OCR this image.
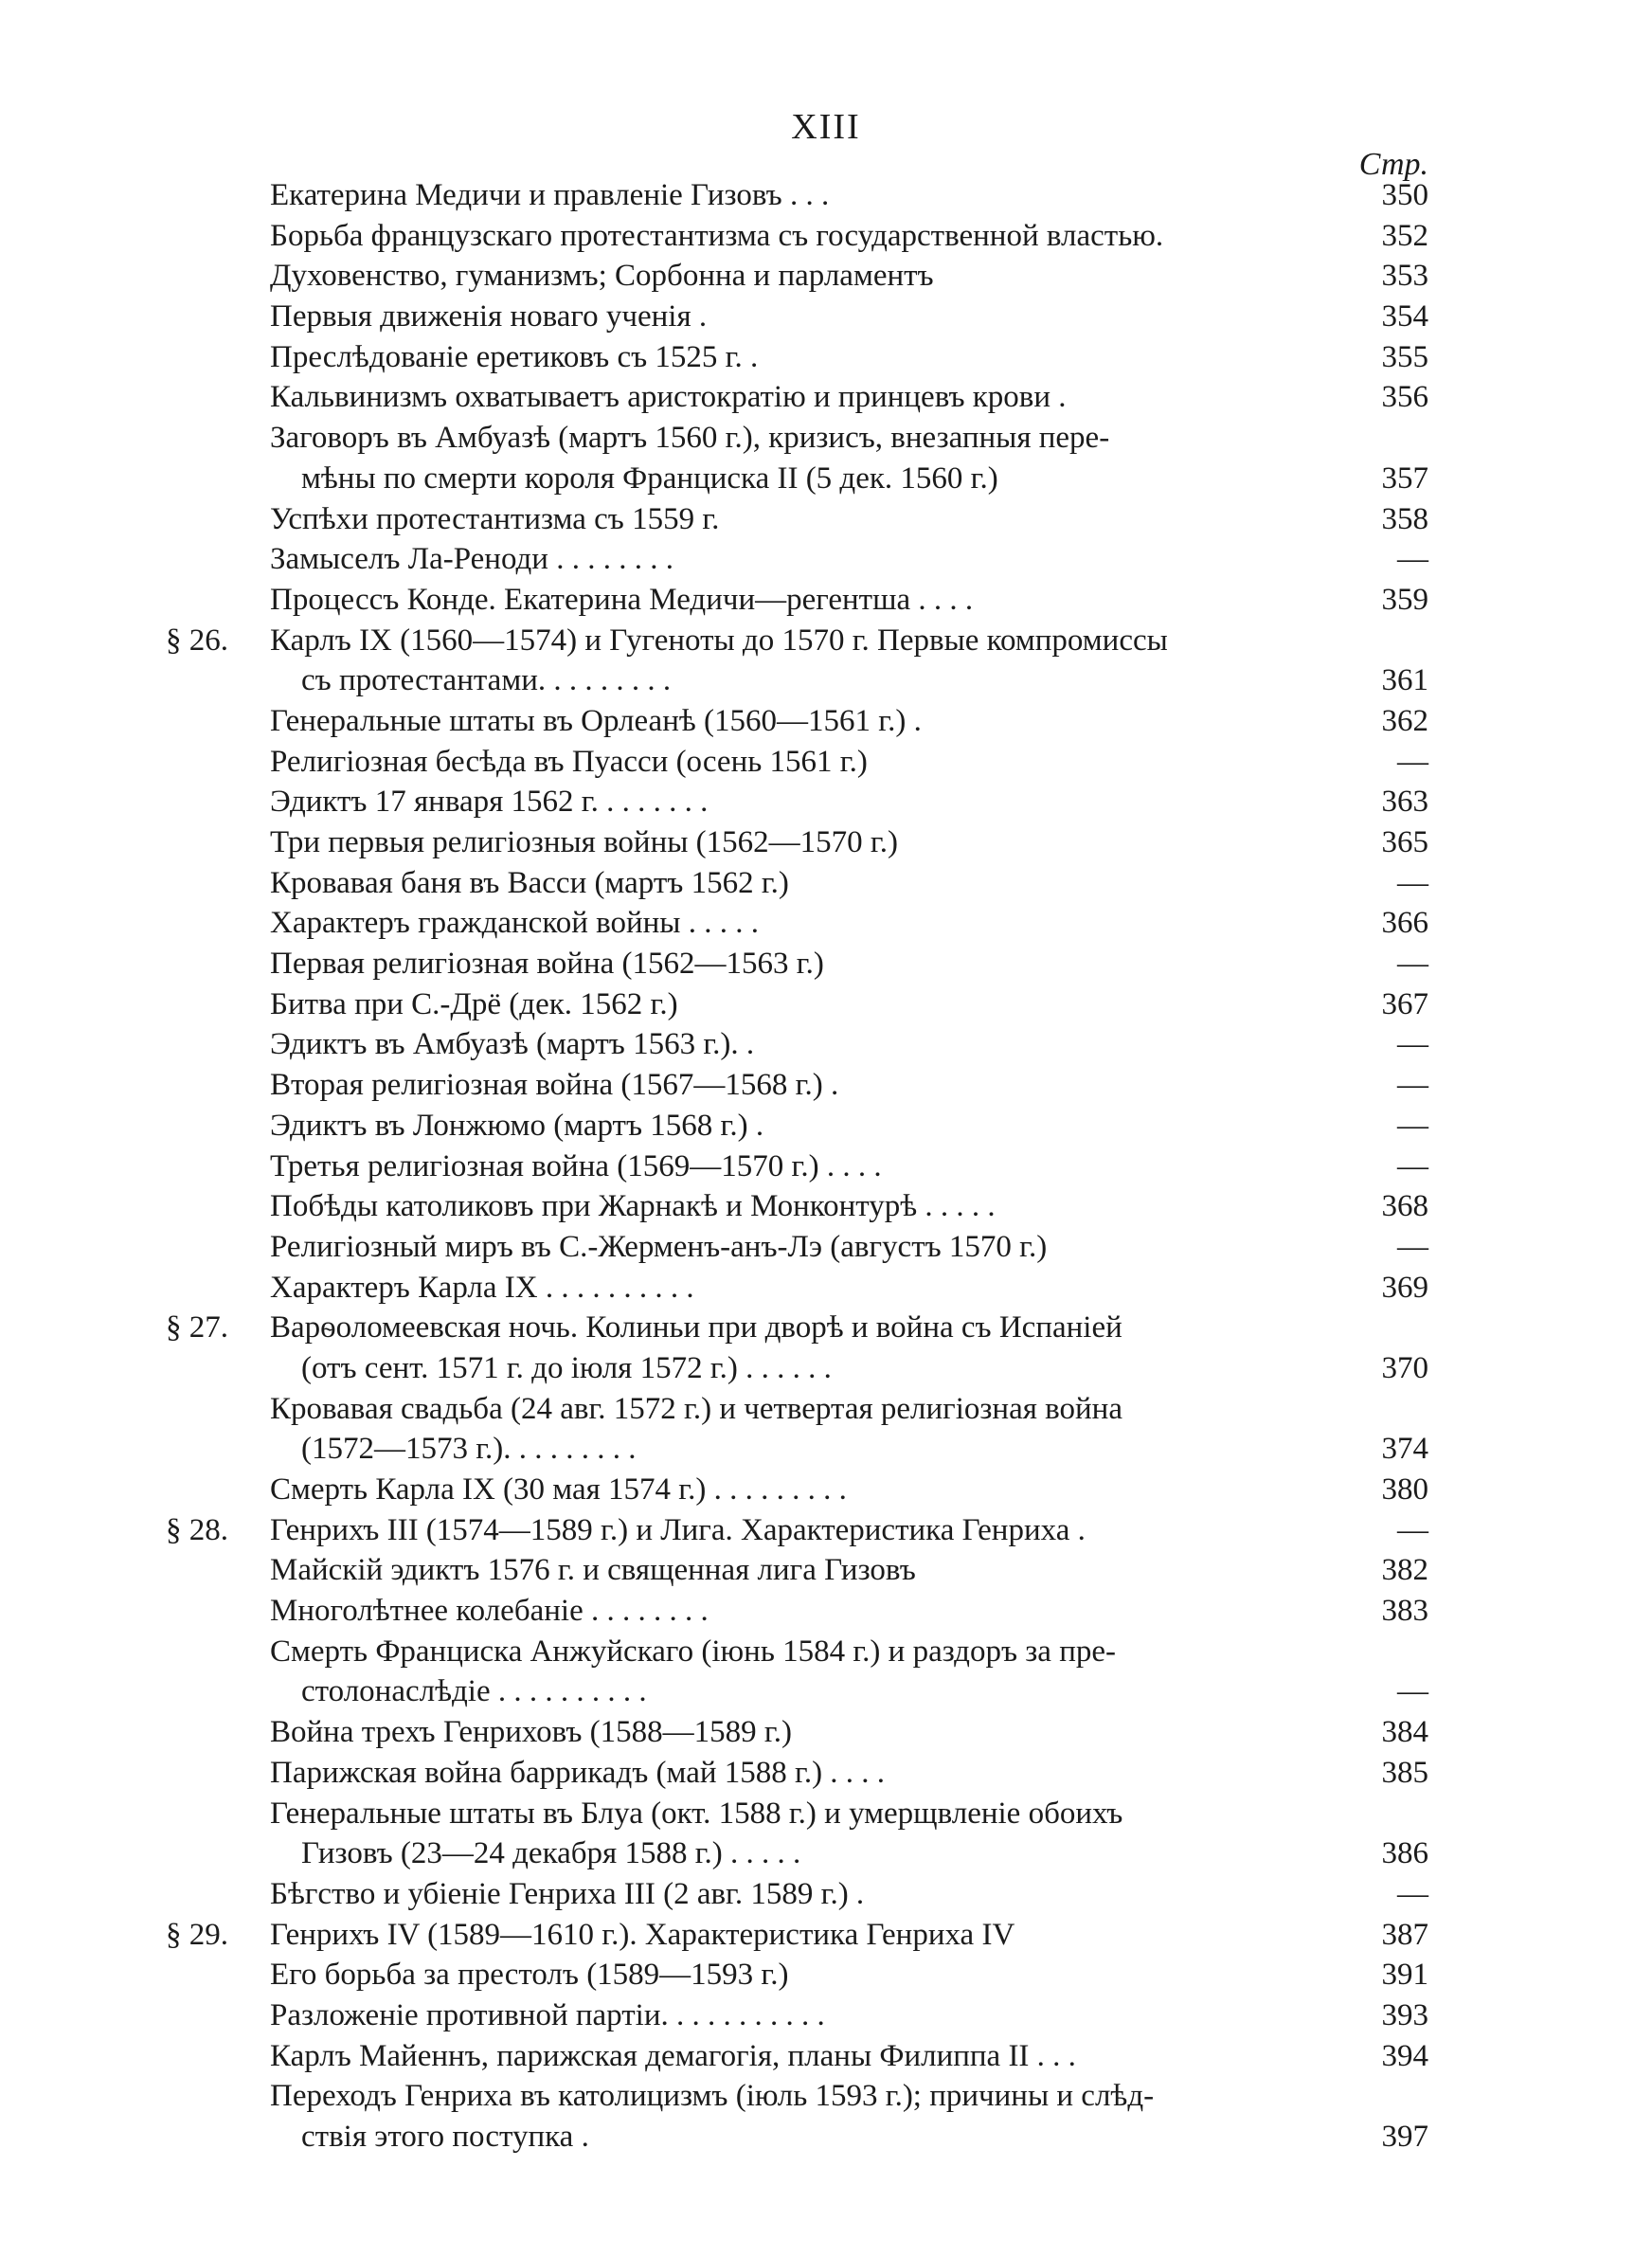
XIII
Стр.
Екатерина Медичи и правленіе Гизовъ . . .	350
Борьба французскаго протестантизма съ государственной властью.	352
Духовенство, гуманизмъ; Сорбонна и парламентъ	353
Первыя движенія новаго ученія .	354
Преслѣдованіе еретиковъ съ 1525 г. .	355
Кальвинизмъ охватываетъ аристократію и принцевъ крови .	356
Заговоръ въ Амбуазѣ (мартъ 1560 г.), кризисъ, внезапныя пере-
мѣны по смерти короля Франциска II (5 дек. 1560 г.)	357
Успѣхи протестантизма съ 1559 г.	358
Замыселъ Ла-Реноди . . . . . . . .	—
Процессъ Конде. Екатерина Медичи—регентша . . . .	359
§ 26.	Карлъ IX (1560—1574) и Гугеноты до 1570 г. Первые компромиссы
съ протестантами. . . . . . . . .	361
Генеральные штаты въ Орлеанѣ (1560—1561 г.) .	362
Религіозная бесѣда въ Пуасси (осень 1561 г.)	—
Эдиктъ 17 января 1562 г. . . . . . . .	363
Три первыя религіозныя войны (1562—1570 г.)	365
Кровавая баня въ Васси (мартъ 1562 г.)	—
Характеръ гражданской войны . . . . .	366
Первая религіозная война (1562—1563 г.)	—
Битва при С.-Дрё (дек. 1562 г.)	367
Эдиктъ въ Амбуазѣ (мартъ 1563 г.). .	—
Вторая религіозная война (1567—1568 г.) .	—
Эдиктъ въ Лонжюмо (мартъ 1568 г.) .	—
Третья религіозная война (1569—1570 г.) . . . .	—
Побѣды католиковъ при Жарнакѣ и Монконтурѣ . . . . .	368
Религіозный миръ въ С.-Жерменъ-анъ-Лэ (августъ 1570 г.)	—
Характеръ Карла IX . . . . . . . . . .	369
§ 27.	Варѳоломеевская ночь. Колиньи при дворѣ и война съ Испаніей
(отъ сент. 1571 г. до іюля 1572 г.) . . . . . .	370
Кровавая свадьба (24 авг. 1572 г.) и четвертая религіозная война
(1572—1573 г.). . . . . . . . .	374
Смерть Карла IX (30 мая 1574 г.) . . . . . . . . .	380
§ 28.	Генрихъ III (1574—1589 г.) и Лига. Характеристика Генриха .	—
Майскій эдиктъ 1576 г. и священная лига Гизовъ	382
Многолѣтнее колебаніе . . . . . . . .	383
Смерть Франциска Анжуйскаго (іюнь 1584 г.) и раздоръ за пре-
столонаслѣдіе . . . . . . . . . .	—
Война трехъ Генриховъ (1588—1589 г.)	384
Парижская война баррикадъ (май 1588 г.) . . . .	385
Генеральные штаты въ Блуа (окт. 1588 г.) и умерщвленіе обоихъ
Гизовъ (23—24 декабря 1588 г.) . . . . .	386
Бѣгство и убіеніе Генриха III (2 авг. 1589 г.) .	—
§ 29.	Генрихъ IV (1589—1610 г.). Характеристика Генриха IV	387
Его борьба за престолъ (1589—1593 г.)	391
Разложеніе противной партіи. . . . . . . . . . .	393
Карлъ Майеннъ, парижская демагогія, планы Филиппа II . . .	394
Переходъ Генриха въ католицизмъ (іюль 1593 г.); причины и слѣд-
ствія этого поступка .	397
